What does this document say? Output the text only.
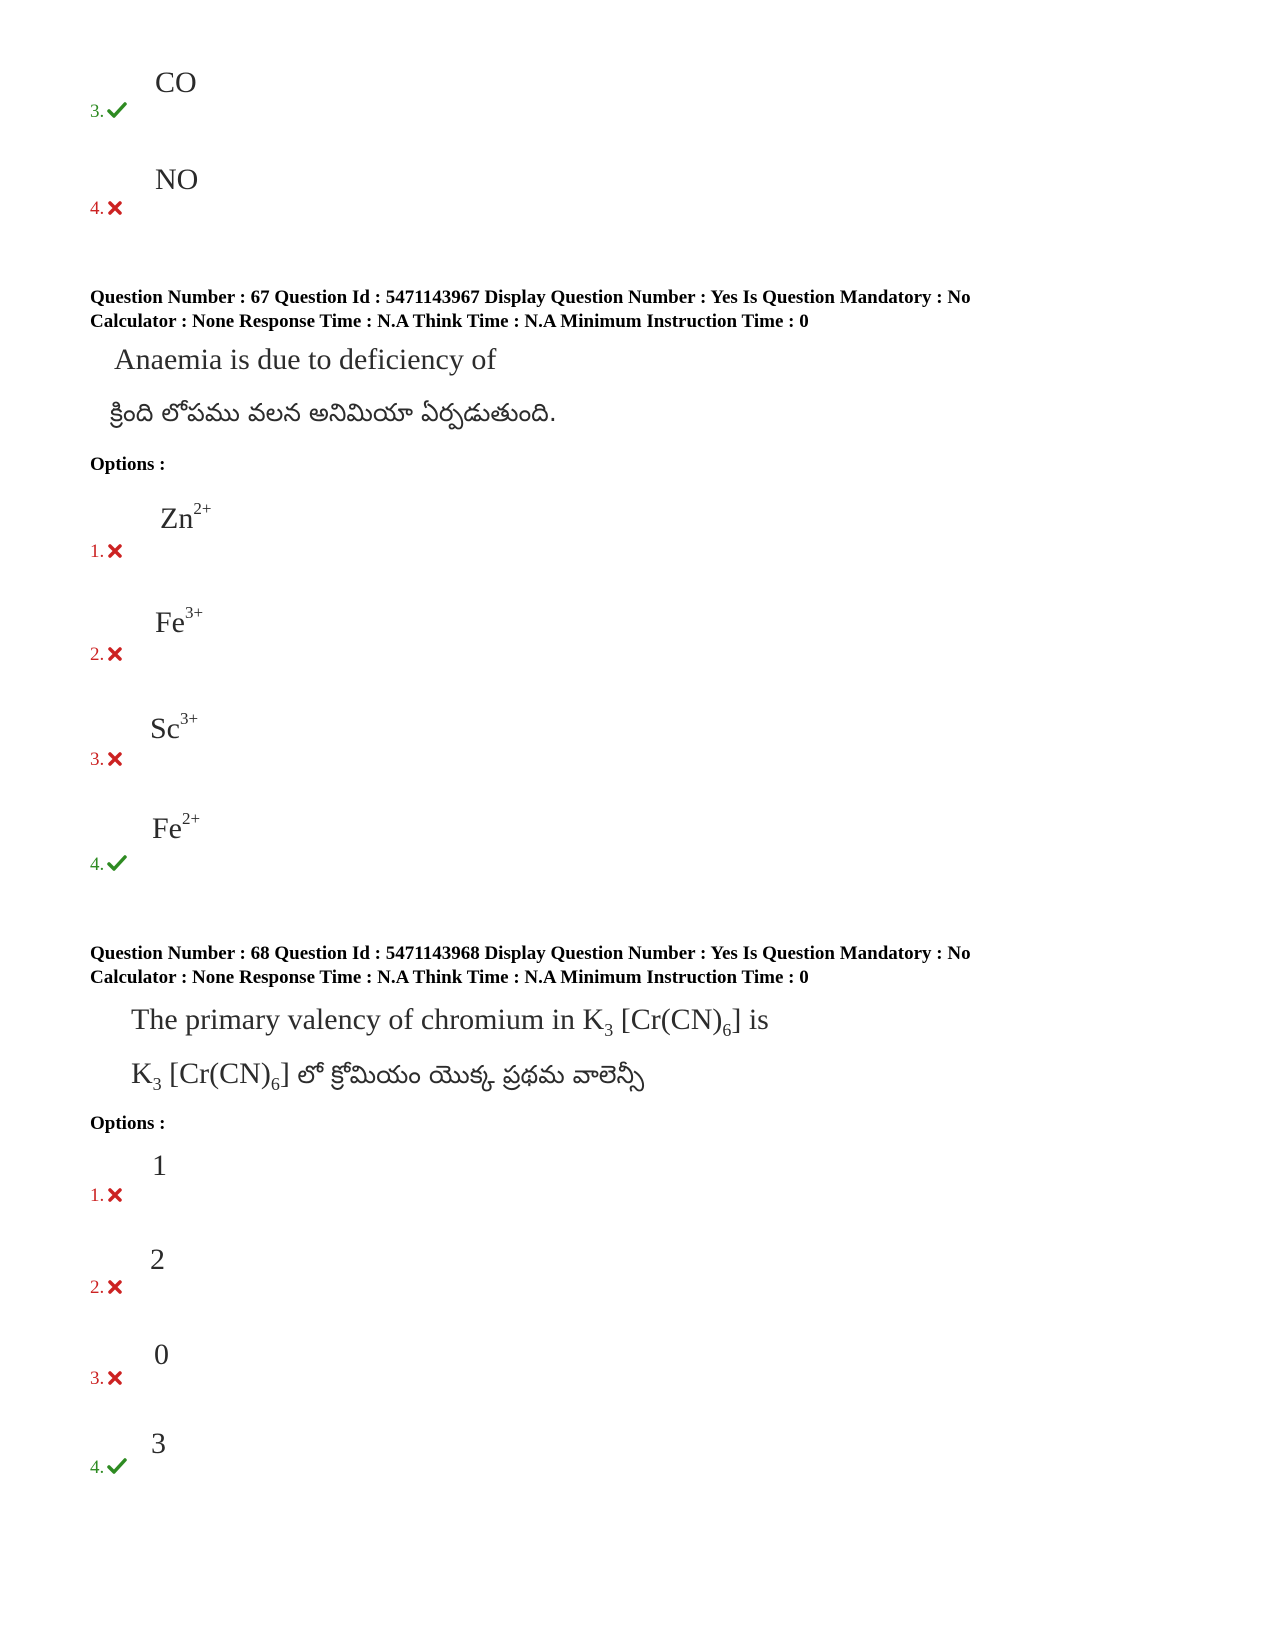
CO
3.
NO
4.
Question Number : 67 Question Id : 5471143967 Display Question Number : Yes Is Question Mandatory : No
Calculator : None Response Time : N.A Think Time : N.A Minimum Instruction Time : 0
Anaemia is due to deficiency of
క్రింది లోపము వలన అనిమియా ఏర్పడుతుంది.
Options :
$Zn^{2+}$
1.
$Fe^{3+}$
2.
$Sc^{3+}$
3.
$Fe^{2+}$
4.
Question Number : 68 Question Id : 5471143968 Display Question Number : Yes Is Question Mandatory : No
Calculator : None Response Time : N.A Think Time : N.A Minimum Instruction Time : 0
The primary valency of chromium in $K_3$ $[Cr(CN)_6]$ is
$K_3$ $[Cr(CN)_6]$ లో క్రోమియం యొక్క ప్రథమ వాలెన్సీ
Options :
1
1.
2
2.
0
3.
3
4.
